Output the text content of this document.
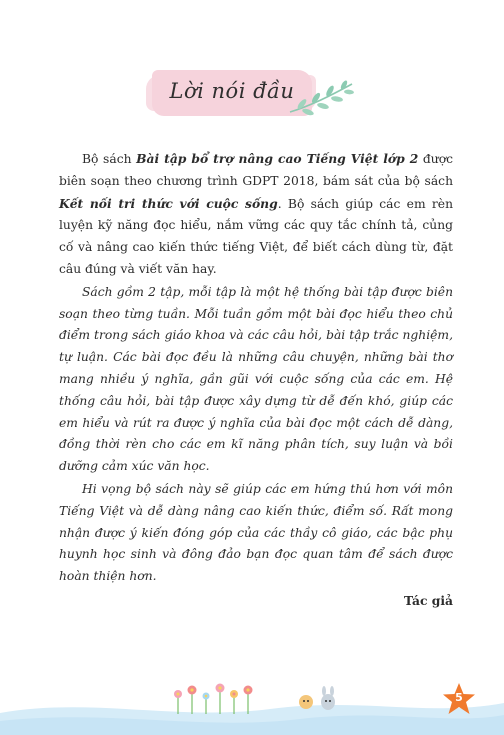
Lời nói đầu

Bộ sách Bài tập bổ trợ nâng cao Tiếng Việt lớp 2 được biên soạn theo chương trình GDPT 2018, bám sát của bộ sách Kết nối tri thức với cuộc sống. Bộ sách giúp các em rèn luyện kỹ năng đọc hiểu, nắm vững các quy tắc chính tả, củng cố và nâng cao kiến thức tiếng Việt, để biết cách dùng từ, đặt câu đúng và viết văn hay.

Sách gồm 2 tập, mỗi tập là một hệ thống bài tập được biên soạn theo từng tuần. Mỗi tuần gồm một bài đọc hiểu theo chủ điểm trong sách giáo khoa và các câu hỏi, bài tập trắc nghiệm, tự luận. Các bài đọc đều là những câu chuyện, những bài thơ mang nhiều ý nghĩa, gần gũi với cuộc sống của các em. Hệ thống câu hỏi, bài tập được xây dựng từ dễ đến khó, giúp các em hiểu và rút ra được ý nghĩa của bài đọc một cách dễ dàng, đồng thời rèn cho các em kĩ năng phân tích, suy luận và bồi dưỡng cảm xúc văn học.

Hi vọng bộ sách này sẽ giúp các em hứng thú hơn với môn Tiếng Việt và dễ dàng nâng cao kiến thức, điểm số. Rất mong nhận được ý kiến đóng góp của các thầy cô giáo, các bậc phụ huynh học sinh và đông đảo bạn đọc quan tâm để sách được hoàn thiện hơn.

Tác giả
5
